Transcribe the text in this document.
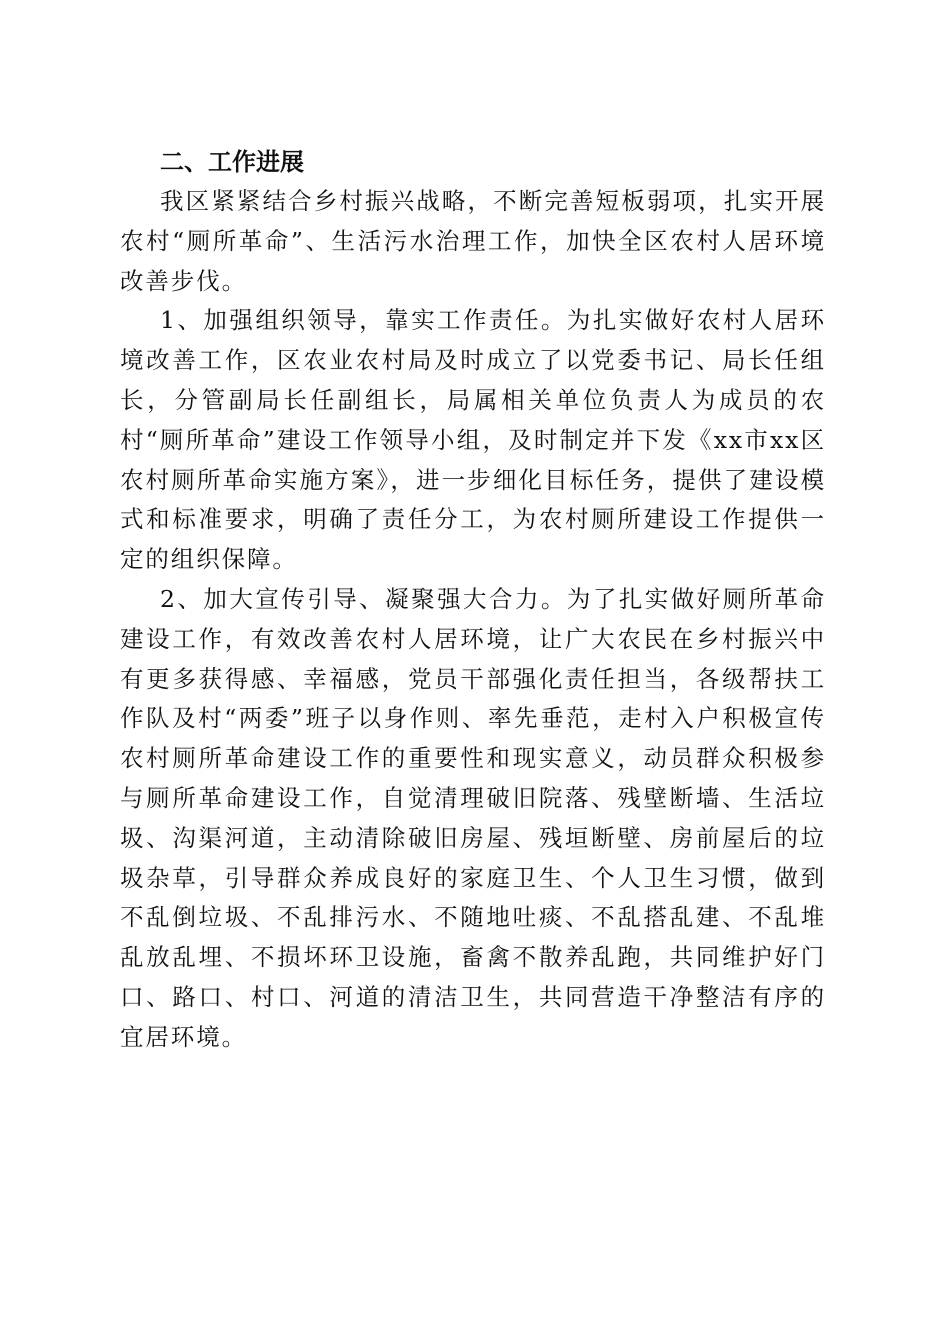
二、工作进展

我区紧紧结合乡村振兴战略，不断完善短板弱项，扎实开展农村“厕所革命”、生活污水治理工作，加快全区农村人居环境改善步伐。

1、加强组织领导，靠实工作责任。为扎实做好农村人居环境改善工作，区农业农村局及时成立了以党委书记、局长任组长，分管副局长任副组长，局属相关单位负责人为成员的农村“厕所革命”建设工作领导小组，及时制定并下发《xx市xx区农村厕所革命实施方案》，进一步细化目标任务，提供了建设模式和标准要求，明确了责任分工，为农村厕所建设工作提供一定的组织保障。

2、加大宣传引导、凝聚强大合力。为了扎实做好厕所革命建设工作，有效改善农村人居环境，让广大农民在乡村振兴中有更多获得感、幸福感，党员干部强化责任担当，各级帮扶工作队及村“两委”班子以身作则、率先垂范，走村入户积极宣传农村厕所革命建设工作的重要性和现实意义，动员群众积极参与厕所革命建设工作，自觉清理破旧院落、残壁断墙、生活垃圾、沟渠河道，主动清除破旧房屋、残垣断壁、房前屋后的垃圾杂草，引导群众养成良好的家庭卫生、个人卫生习惯，做到不乱倒垃圾、不乱排污水、不随地吐痰、不乱搭乱建、不乱堆乱放乱埋、不损坏环卫设施，畜禽不散养乱跑，共同维护好门口、路口、村口、河道的清洁卫生，共同营造干净整洁有序的宜居环境。
